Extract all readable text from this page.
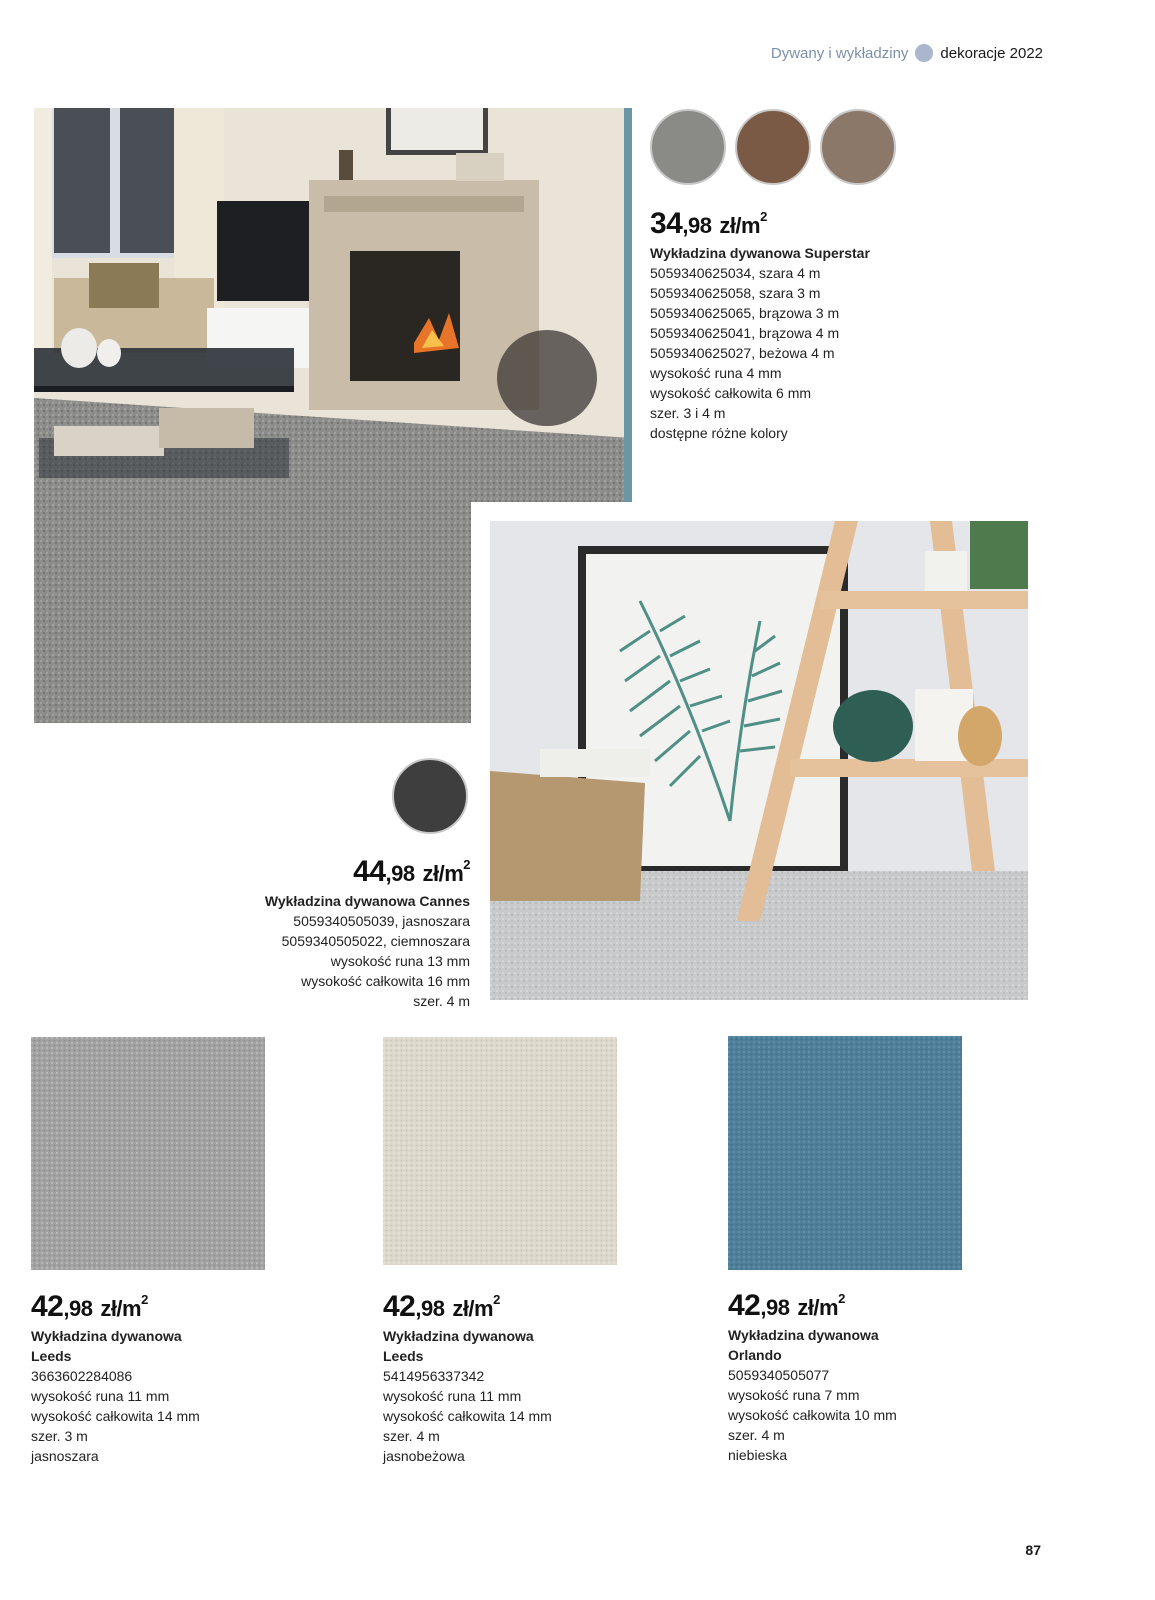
Dywany i wykładziny dekoracje 2022
34,98 $zł/m^2$
Wykładzina dywanowa Superstar
5059340625034, szara 4 m
5059340625058, szara 3 m
5059340625065, brązowa 3 m
5059340625041, brązowa 4 m
5059340625027, beżowa 4 m
wysokość runa 4 mm
wysokość całkowita 6 mm
szer. 3 i 4 m
dostępne różne kolory
44,98 $zł/m^2$
Wykładzina dywanowa Cannes
5059340505039, jasnoszara
5059340505022, ciemnoszara
wysokość runa 13 mm
wysokość całkowita 16 mm
szer. 4 m
42,98 $zł/m^2$
Wykładzina dywanowa
Leeds
3663602284086
wysokość runa 11 mm
wysokość całkowita 14 mm
szer. 3 m
jasnoszara
42,98 $zł/m^2$
Wykładzina dywanowa
Leeds
5414956337342
wysokość runa 11 mm
wysokość całkowita 14 mm
szer. 4 m
jasnobeżowa
42,98 $zł/m^2$
Wykładzina dywanowa
Orlando
5059340505077
wysokość runa 7 mm
wysokość całkowita 10 mm
szer. 4 m
niebieska
87
